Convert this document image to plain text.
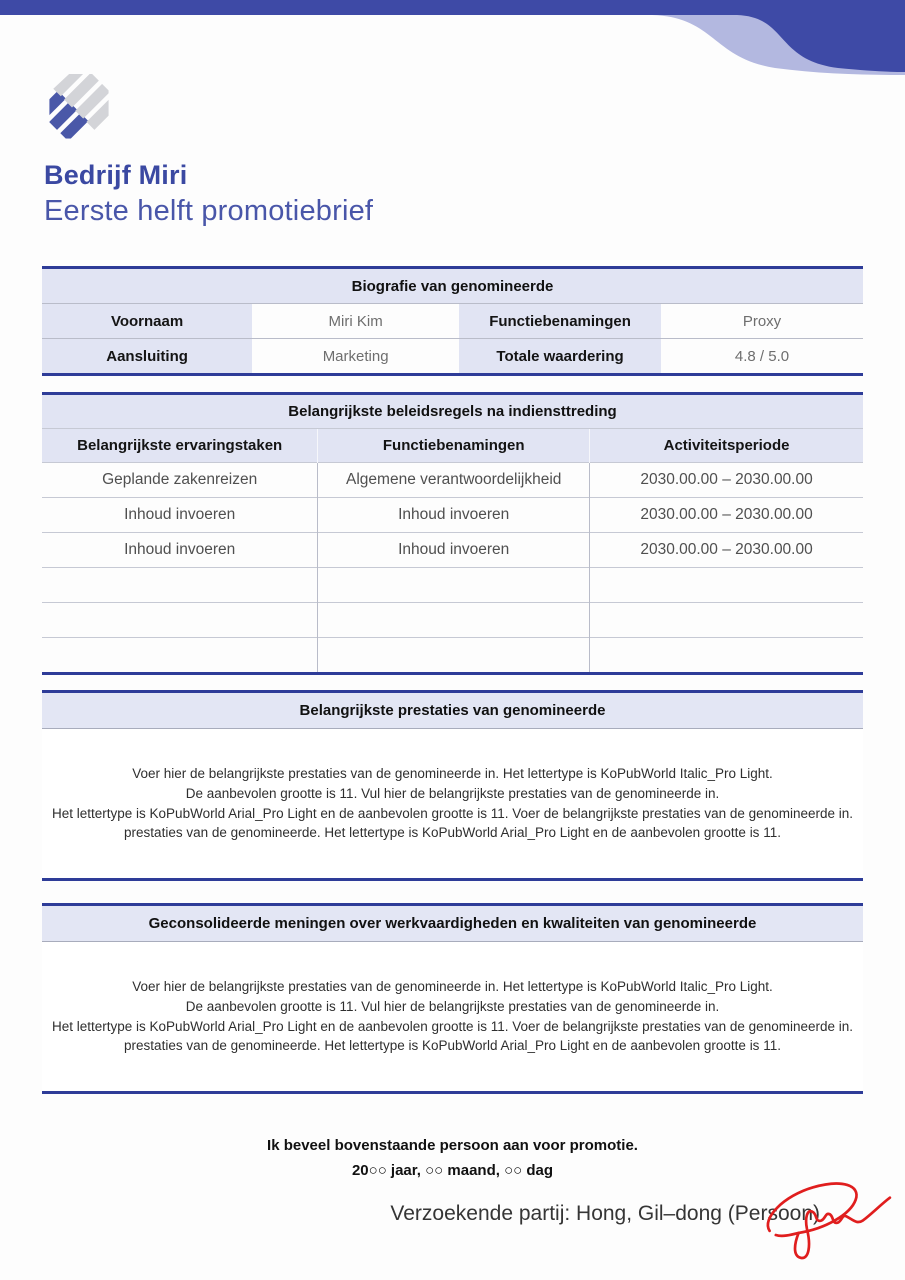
Bedrijf Miri
Eerste helft promotiebrief
Biografie van genomineerde			
Voornaam	Miri Kim	Functiebenamingen	Proxy
Aansluiting	Marketing	Totale waardering	4.8 / 5.0
Belangrijkste beleidsregels na indiensttreding		
Belangrijkste ervaringstaken	Functiebenamingen	Activiteitsperiode
Geplande zakenreizen	Algemene verantwoordelijkheid	2030.00.00 – 2030.00.00
Inhoud invoeren	Inhoud invoeren	2030.00.00 – 2030.00.00
Inhoud invoeren	Inhoud invoeren	2030.00.00 – 2030.00.00

Belangrijkste prestaties van genomineerde
Voer hier de belangrijkste prestaties van de genomineerde in. Het lettertype is KoPubWorld Italic_Pro Light.
De aanbevolen grootte is 11. Vul hier de belangrijkste prestaties van de genomineerde in.
Het lettertype is KoPubWorld Arial_Pro Light en de aanbevolen grootte is 11. Voer de belangrijkste prestaties van de genomineerde in.
prestaties van de genomineerde. Het lettertype is KoPubWorld Arial_Pro Light en de aanbevolen grootte is 11.
Geconsolideerde meningen over werkvaardigheden en kwaliteiten van genomineerde
Voer hier de belangrijkste prestaties van de genomineerde in. Het lettertype is KoPubWorld Italic_Pro Light.
De aanbevolen grootte is 11. Vul hier de belangrijkste prestaties van de genomineerde in.
Het lettertype is KoPubWorld Arial_Pro Light en de aanbevolen grootte is 11. Voer de belangrijkste prestaties van de genomineerde in.
prestaties van de genomineerde. Het lettertype is KoPubWorld Arial_Pro Light en de aanbevolen grootte is 11.
Ik beveel bovenstaande persoon aan voor promotie.
20○○ jaar, ○○ maand, ○○ dag
Verzoekende partij: Hong, Gil–dong (Persoon)
